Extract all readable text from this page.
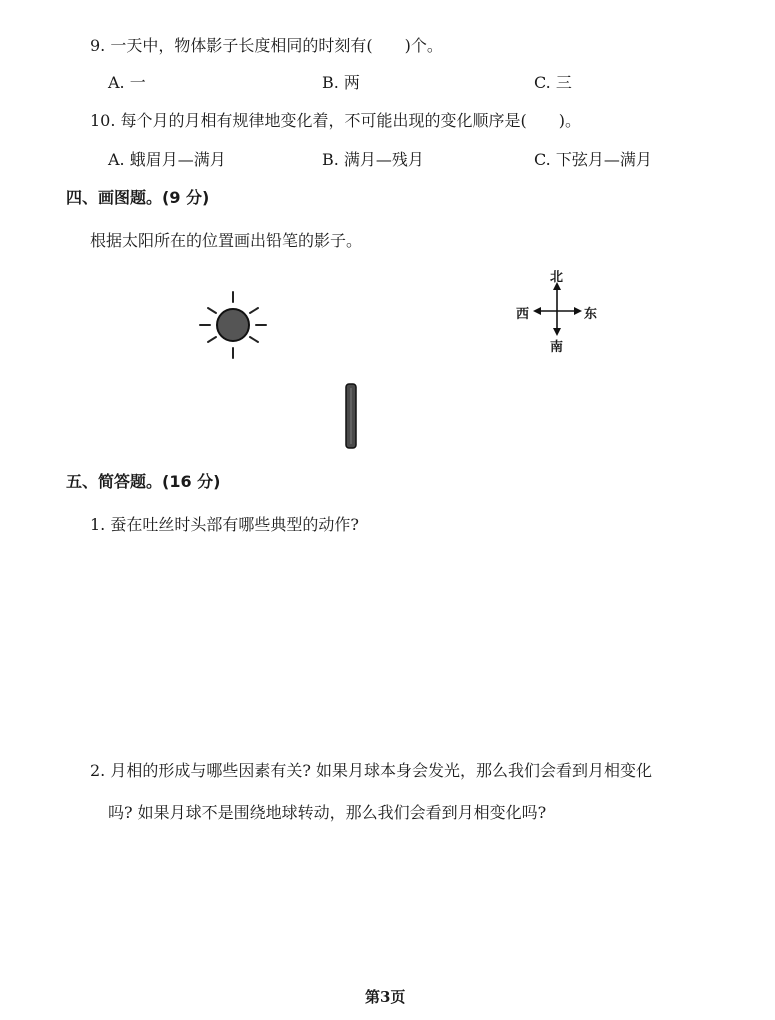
9. 一天中，物体影子长度相同的时刻有(　　)个。
A. 一	B. 两	C. 三
10. 每个月的月相有规律地变化着，不可能出现的变化顺序是(　　)。
A. 蛾眉月—满月	B. 满月—残月	C. 下弦月—满月
四、画图题。(9 分)
根据太阳所在的位置画出铅笔的影子。
北
南
西	东
五、简答题。(16 分)
1. 蚕在吐丝时头部有哪些典型的动作?
2. 月相的形成与哪些因素有关? 如果月球本身会发光，那么我们会看到月相变化
吗? 如果月球不是围绕地球转动，那么我们会看到月相变化吗?
第3页
